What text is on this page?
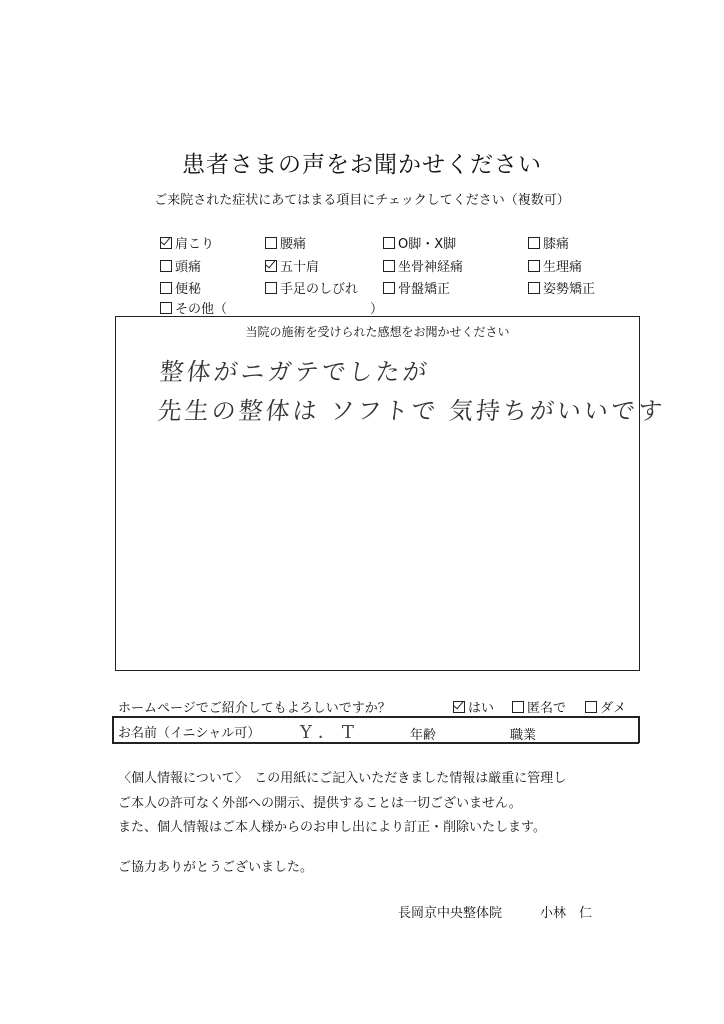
患者さまの声をお聞かせください
ご来院された症状にあてはまる項目にチェックしてください（複数可）
肩こり	腰痛	O脚・X脚	膝痛
頭痛	五十肩	坐骨神経痛	生理痛
便秘	手足のしびれ	骨盤矯正	姿勢矯正
その他（	）
当院の施術を受けられた感想をお聞かせください
整体がニガテでしたが
先生の整体は ソフトで 気持ちがいいです
ホームページでご紹介してもよろしいですか？	はい	匿名で	ダメ
お名前（イニシャル可） Y．T	年齢	職業
〈個人情報について〉　この用紙にご記入いただきました情報は厳重に管理し
ご本人の許可なく外部への開示、提供することは一切ございません。
また、個人情報はご本人様からのお申し出により訂正・削除いたします。
ご協力ありがとうございました。
長岡京中央整体院	小林　仁
